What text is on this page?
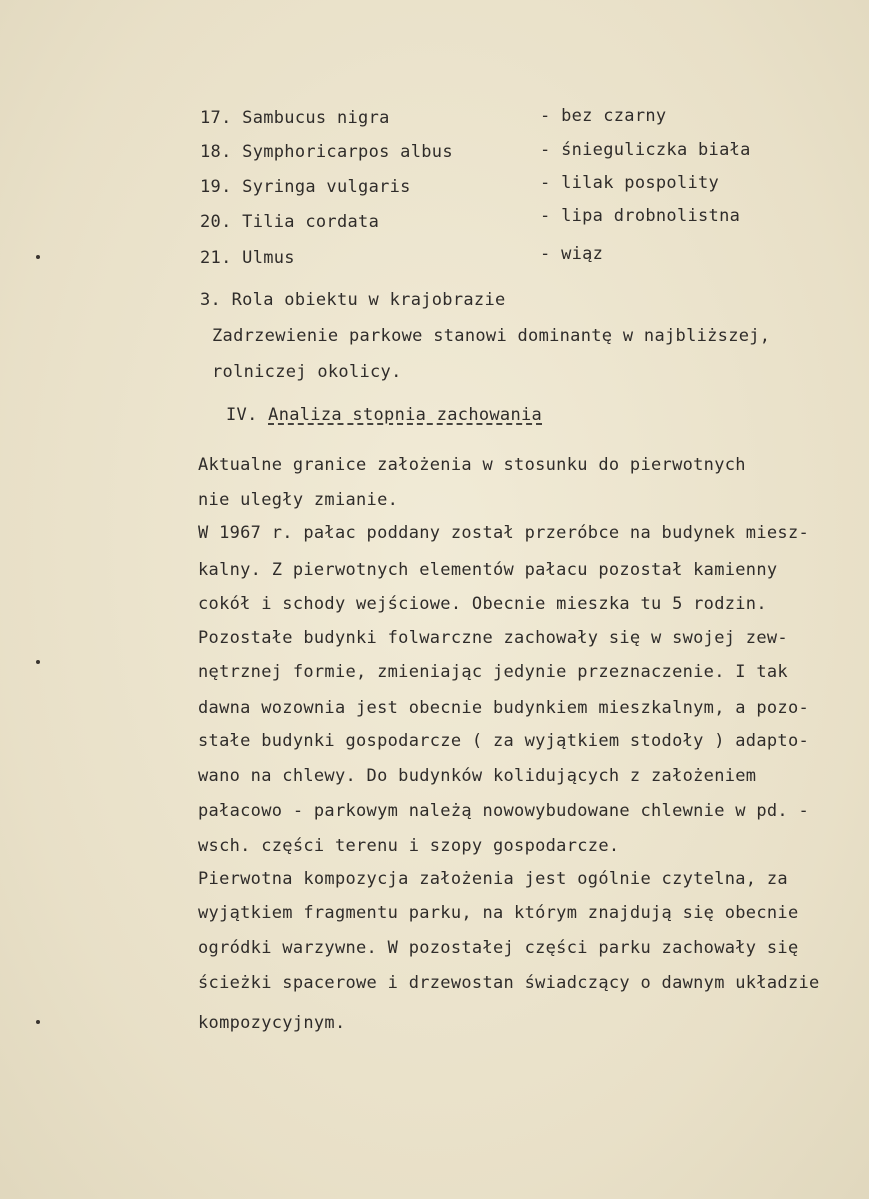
17. Sambucus nigra	- bez czarny
18. Symphoricarpos albus	- śnieguliczka biała
19. Syringa vulgaris	- lilak pospolity
20. Tilia cordata	- lipa drobnolistna
21. Ulmus	- wiąz
3. Rola obiektu w krajobrazie
Zadrzewienie parkowe stanowi dominantę w najbliższej,
rolniczej okolicy.
IV. Analiza stopnia zachowania
Aktualne granice założenia w stosunku do pierwotnych
nie uległy zmianie.
W 1967 r. pałac poddany został przeróbce na budynek miesz-
kalny. Z pierwotnych elementów pałacu pozostał kamienny
cokół i schody wejściowe. Obecnie mieszka tu 5 rodzin.
Pozostałe budynki folwarczne zachowały się w swojej zew-
nętrznej formie, zmieniając jedynie przeznaczenie. I tak
dawna wozownia jest obecnie budynkiem mieszkalnym, a pozo-
stałe budynki gospodarcze ( za wyjątkiem stodoły ) adapto-
wano na chlewy. Do budynków kolidujących z założeniem
pałacowo - parkowym należą nowowybudowane chlewnie w pd. -
wsch. części terenu i szopy gospodarcze.
Pierwotna kompozycja założenia jest ogólnie czytelna, za
wyjątkiem fragmentu parku, na którym znajdują się obecnie
ogródki warzywne. W pozostałej części parku zachowały się
ścieżki spacerowe i drzewostan świadczący o dawnym układzie
kompozycyjnym.
